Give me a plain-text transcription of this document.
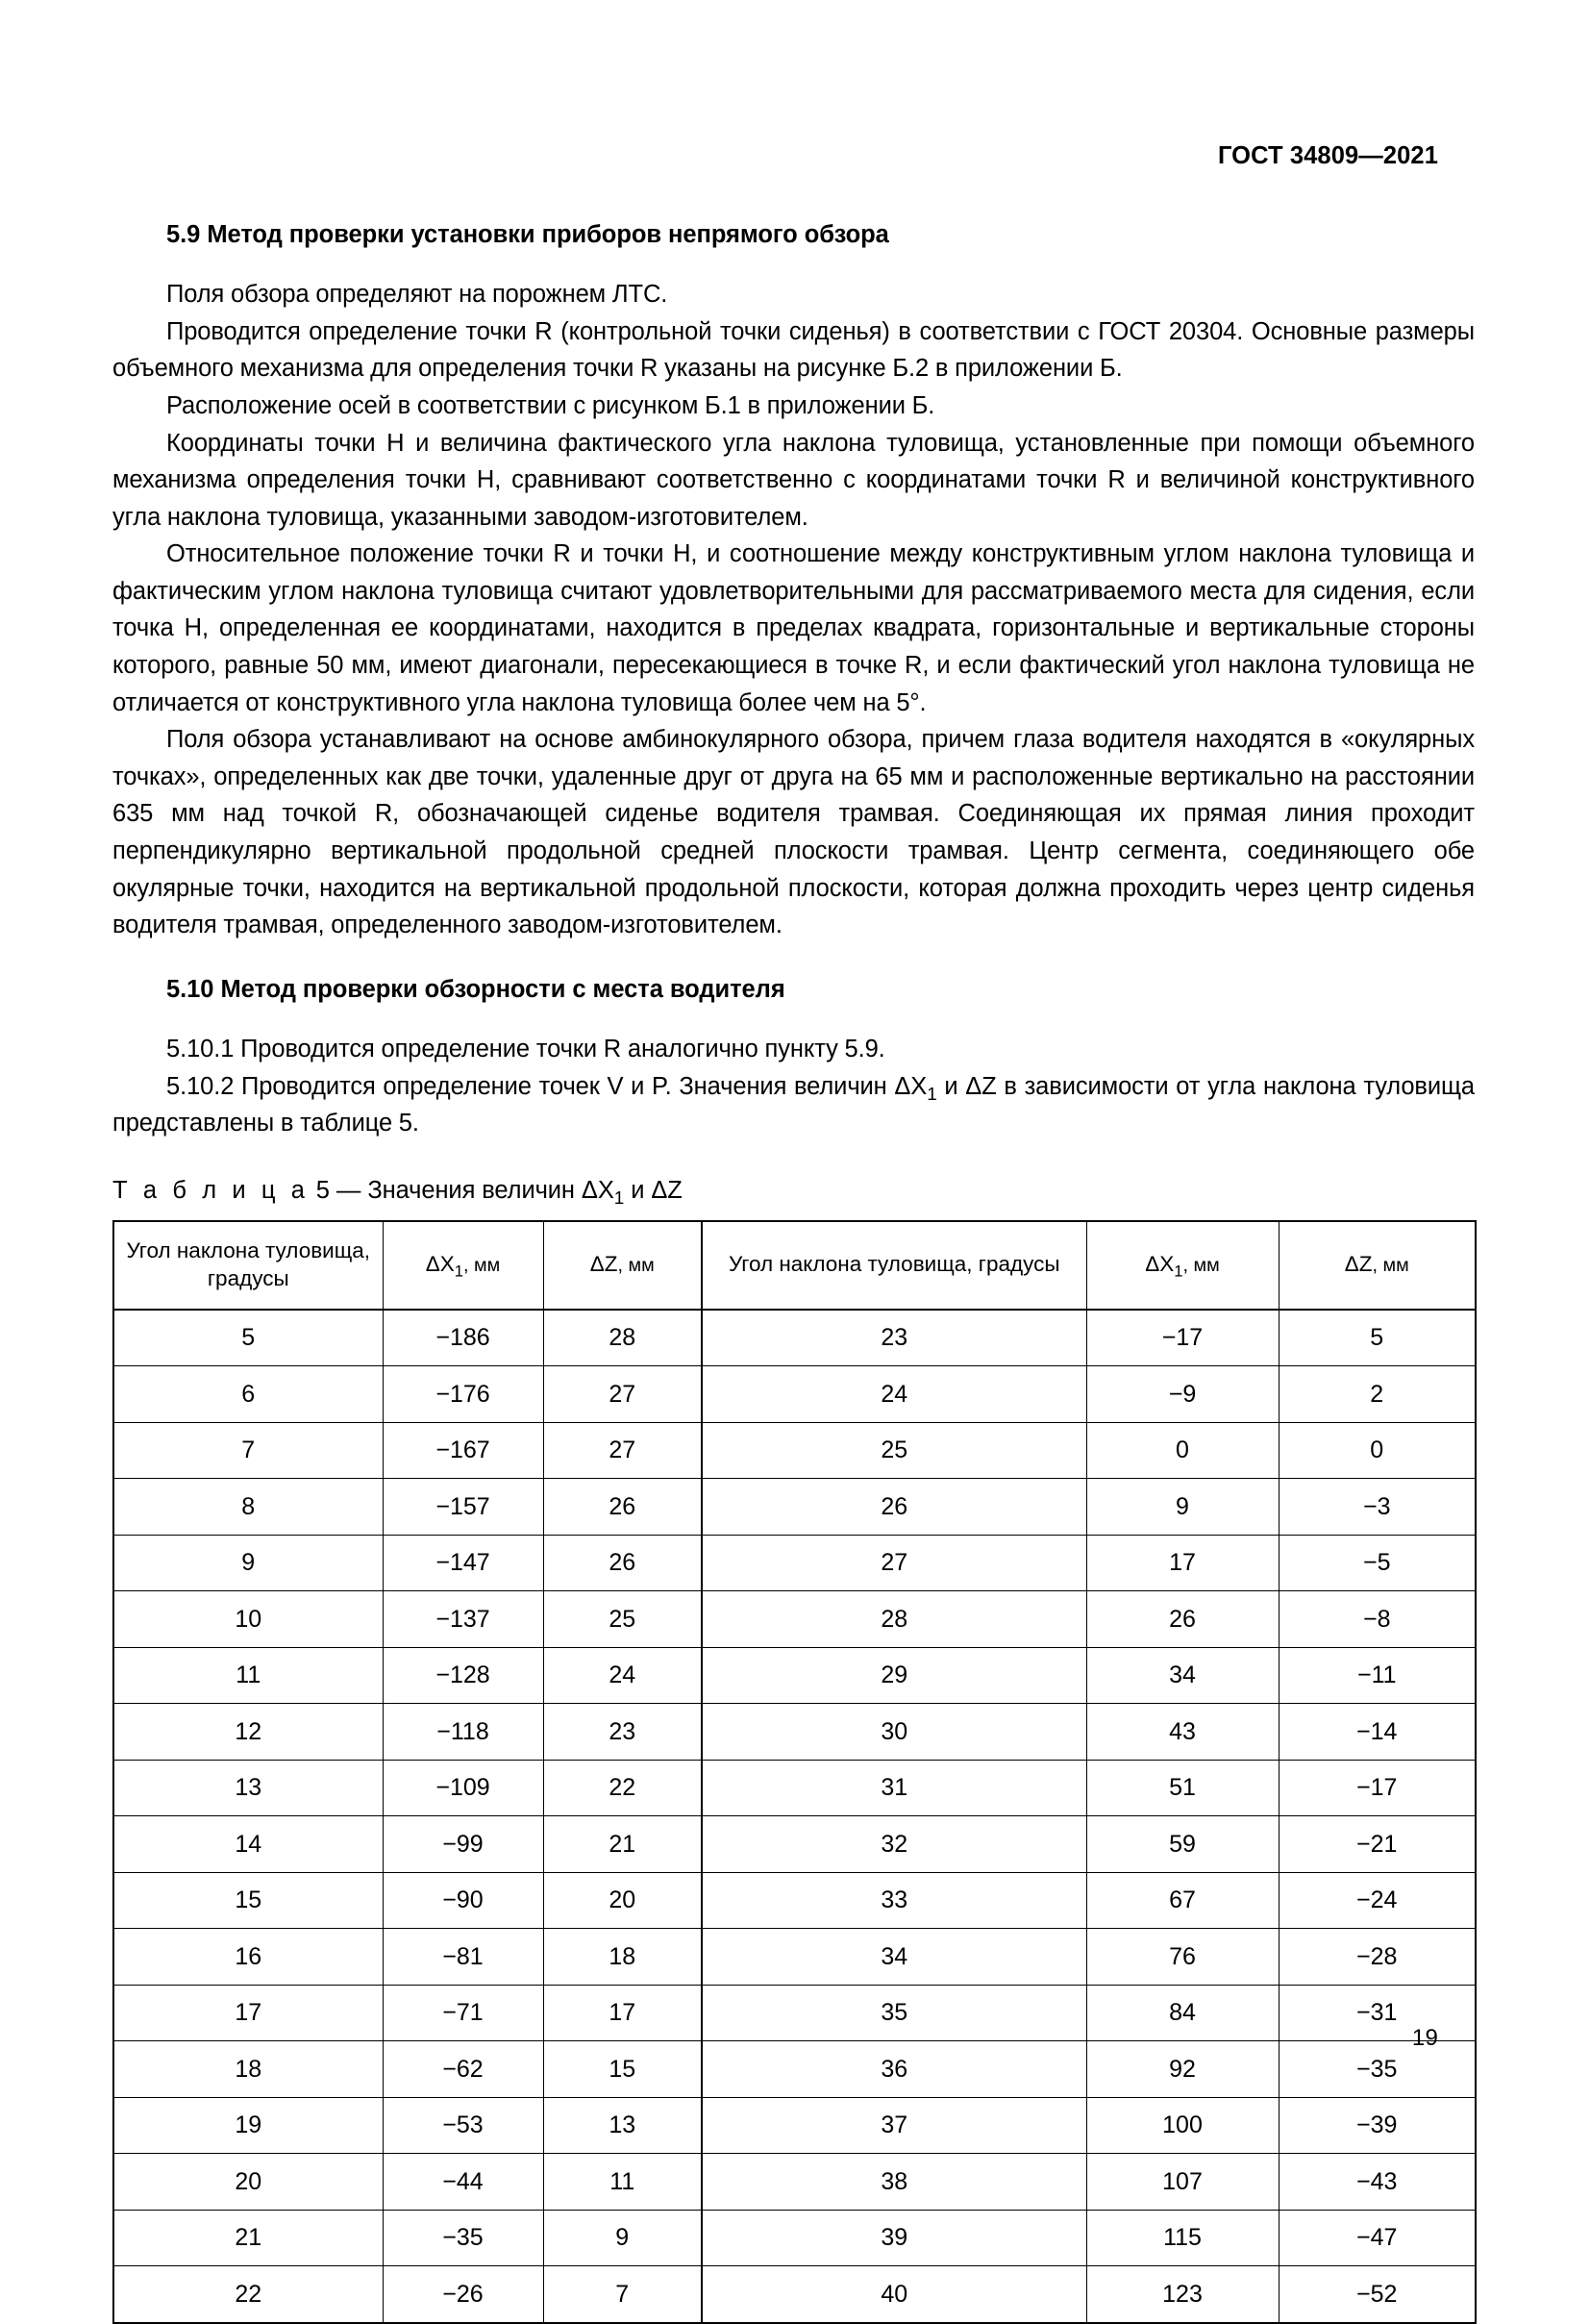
ГОСТ 34809—2021
5.9 Метод проверки установки приборов непрямого обзора

Поля обзора определяют на порожнем ЛТС.

Проводится определение точки R (контрольной точки сиденья) в соответствии с ГОСТ 20304. Основные размеры объемного механизма для определения точки R указаны на рисунке Б.2 в приложении Б.

Расположение осей в соответствии с рисунком Б.1 в приложении Б.

Координаты точки Н и величина фактического угла наклона туловища, установленные при помощи объемного механизма определения точки Н, сравнивают соответственно с координатами точки R и величиной конструктивного угла наклона туловища, указанными заводом-изготовителем.

Относительное положение точки R и точки Н, и соотношение между конструктивным углом наклона туловища и фактическим углом наклона туловища считают удовлетворительными для рассматриваемого места для сидения, если точка Н, определенная ее координатами, находится в пределах квадрата, горизонтальные и вертикальные стороны которого, равные 50 мм, имеют диагонали, пересекающиеся в точке R, и если фактический угол наклона туловища не отличается от конструктивного угла наклона туловища более чем на 5°.

Поля обзора устанавливают на основе амбинокулярного обзора, причем глаза водителя находятся в «окулярных точках», определенных как две точки, удаленные друг от друга на 65 мм и расположенные вертикально на расстоянии 635 мм над точкой R, обозначающей сиденье водителя трамвая. Соединяющая их прямая линия проходит перпендикулярно вертикальной продольной средней плоскости трамвая. Центр сегмента, соединяющего обе окулярные точки, находится на вертикальной продольной плоскости, которая должна проходить через центр сиденья водителя трамвая, определенного заводом-изготовителем.

5.10 Метод проверки обзорности с места водителя

5.10.1 Проводится определение точки R аналогично пункту 5.9.

5.10.2 Проводится определение точек V и P. Значения величин $\Delta X_1$ и ΔZ в зависимости от угла наклона туловища представлены в таблице 5.

Т а б л и ц а 5 — Значения величин $\Delta X_1$ и ΔZ
Угол наклона туловища, градусы	$\Delta X_1$, мм	ΔZ, мм	Угол наклона туловища, градусы	$\Delta X_1$, мм	ΔZ, мм
5	−186	28	23	−17	5
6	−176	27	24	−9	2
7	−167	27	25	0	0
8	−157	26	26	9	−3
9	−147	26	27	17	−5
10	−137	25	28	26	−8
11	−128	24	29	34	−11
12	−118	23	30	43	−14
13	−109	22	31	51	−17
14	−99	21	32	59	−21
15	−90	20	33	67	−24
16	−81	18	34	76	−28
17	−71	17	35	84	−31
18	−62	15	36	92	−35
19	−53	13	37	100	−39
20	−44	11	38	107	−43
21	−35	9	39	115	−47
22	−26	7	40	123	−52
19
